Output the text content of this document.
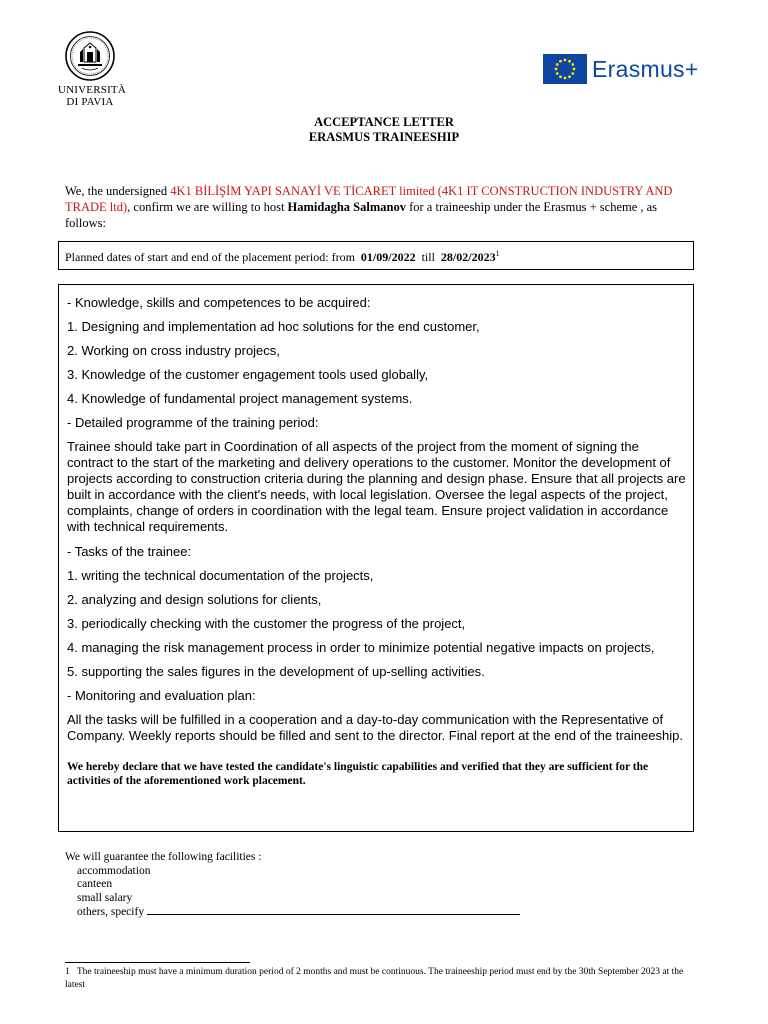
UNIVERSITÀ
DI PAVIA
Erasmus+
ACCEPTANCE LETTER
ERASMUS TRAINEESHIP
We, the undersigned 4K1 BİLİŞİM YAPI SANAYİ VE TİCARET limited (4K1 IT CONSTRUCTION INDUSTRY AND TRADE ltd), confirm we are willing to host Hamidagha Salmanov for a traineeship under the Erasmus + scheme , as follows:
Planned dates of start and end of the placement period: from 01/09/2022 till 28/02/2023$^1$

- Knowledge, skills and competences to be acquired:

1. Designing and implementation ad hoc solutions for the end customer,

2. Working on cross industry projecs,

3. Knowledge of the customer engagement tools used globally,

4. Knowledge of fundamental project management systems.

- Detailed programme of the training period:

Trainee should take part in Coordination of all aspects of the project from the moment of signing the contract to the start of the marketing and delivery operations to the customer. Monitor the development of projects according to construction criteria during the planning and design phase. Ensure that all projects are built in accordance with the client's needs, with local legislation. Oversee the legal aspects of the project, complaints, change of orders in coordination with the legal team. Ensure project validation in accordance with technical requirements.

- Tasks of the trainee:

1. writing the technical documentation of the projects,

2. analyzing and design solutions for clients,

3. periodically checking with the customer the progress of the project,

4. managing the risk management process in order to minimize potential negative impacts on projects,

5. supporting the sales figures in the development of up-selling activities.

- Monitoring and evaluation plan:

All the tasks will be fulfilled in a cooperation and a day-to-day communication with the Representative of Company. Weekly reports should be filled and sent to the director. Final report at the end of the traineeship.

We hereby declare that we have tested the candidate's linguistic capabilities and verified that they are sufficient for the activities of the aforementioned work placement.

We will guarantee the following facilities :
accommodation
canteen
small salary
others, specify
1 The traineeship must have a minimum duration period of 2 months and must be continuous. The traineeship period must end by the 30th September 2023 at the latest
